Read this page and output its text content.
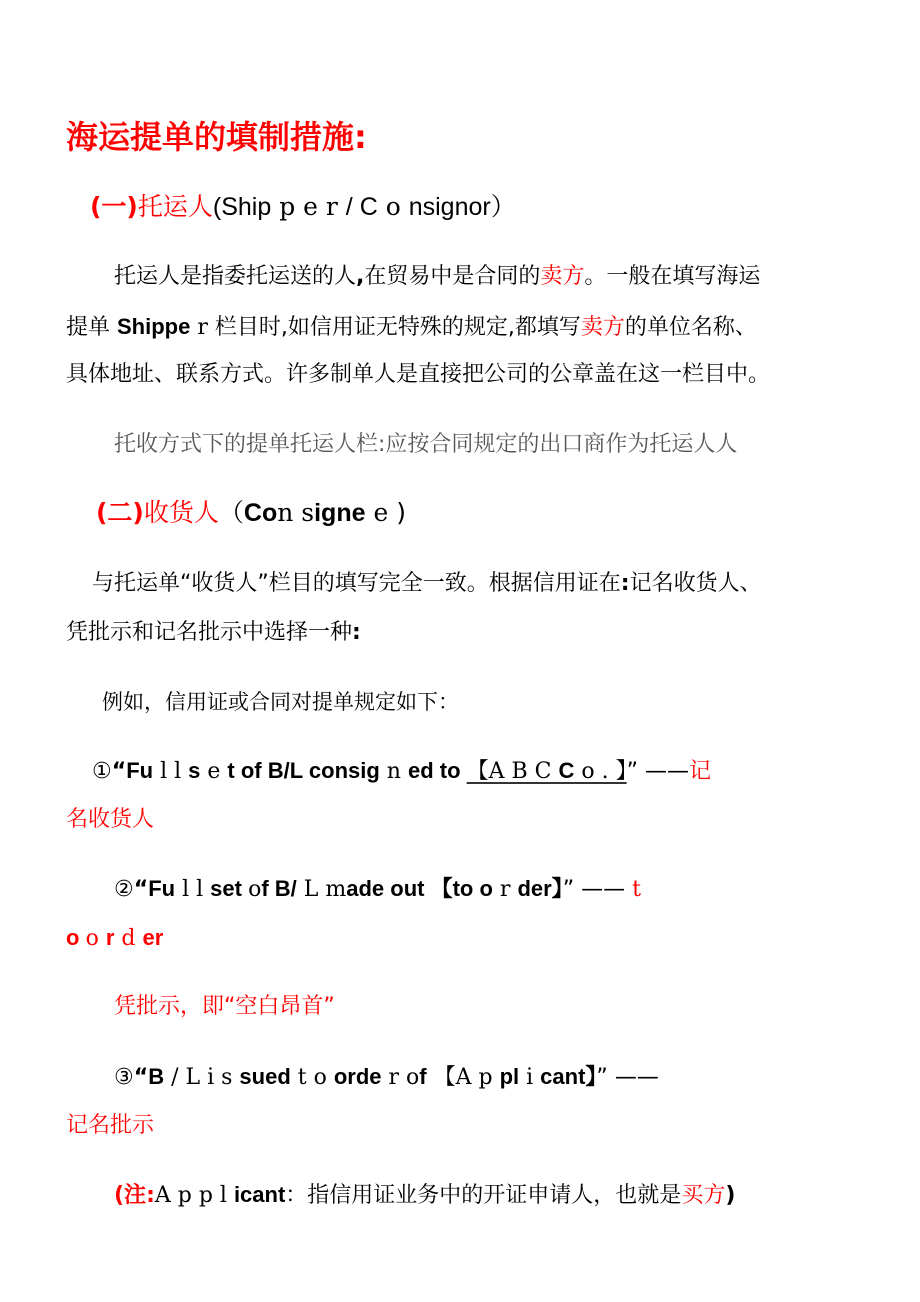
海运提单的填制措施:
(一)托运人(Ship p e r / C o nsignor）
托运人是指委托运送的人,在贸易中是合同的卖方。一般在填写海运
提单 Shippe r 栏目时,如信用证无特殊的规定,都填写卖方的单位名称、
具体地址、联系方式。许多制单人是直接把公司的公章盖在这一栏目中。
托收方式下的提单托运人栏:应按合同规定的出口商作为托运人人
(二)收货人（Con signe e )
与托运单“收货人”栏目的填写完全一致。根据信用证在:记名收货人、
凭批示和记名批示中选择一种:
例如，信用证或合同对提单规定如下：
①“Fu l l s e t of B/L consig n ed to 【A B C C o . 】” ——记
名收货人
②“Fu l l set of B/ L made out 【to o r der】” —— t
o o r d er
凭批示，即“空白昂首”
③“B / L i s sued t o orde r of 【A p pl i cant】” ——
记名批示
(注:A p p l icant：指信用证业务中的开证申请人，也就是买方)
